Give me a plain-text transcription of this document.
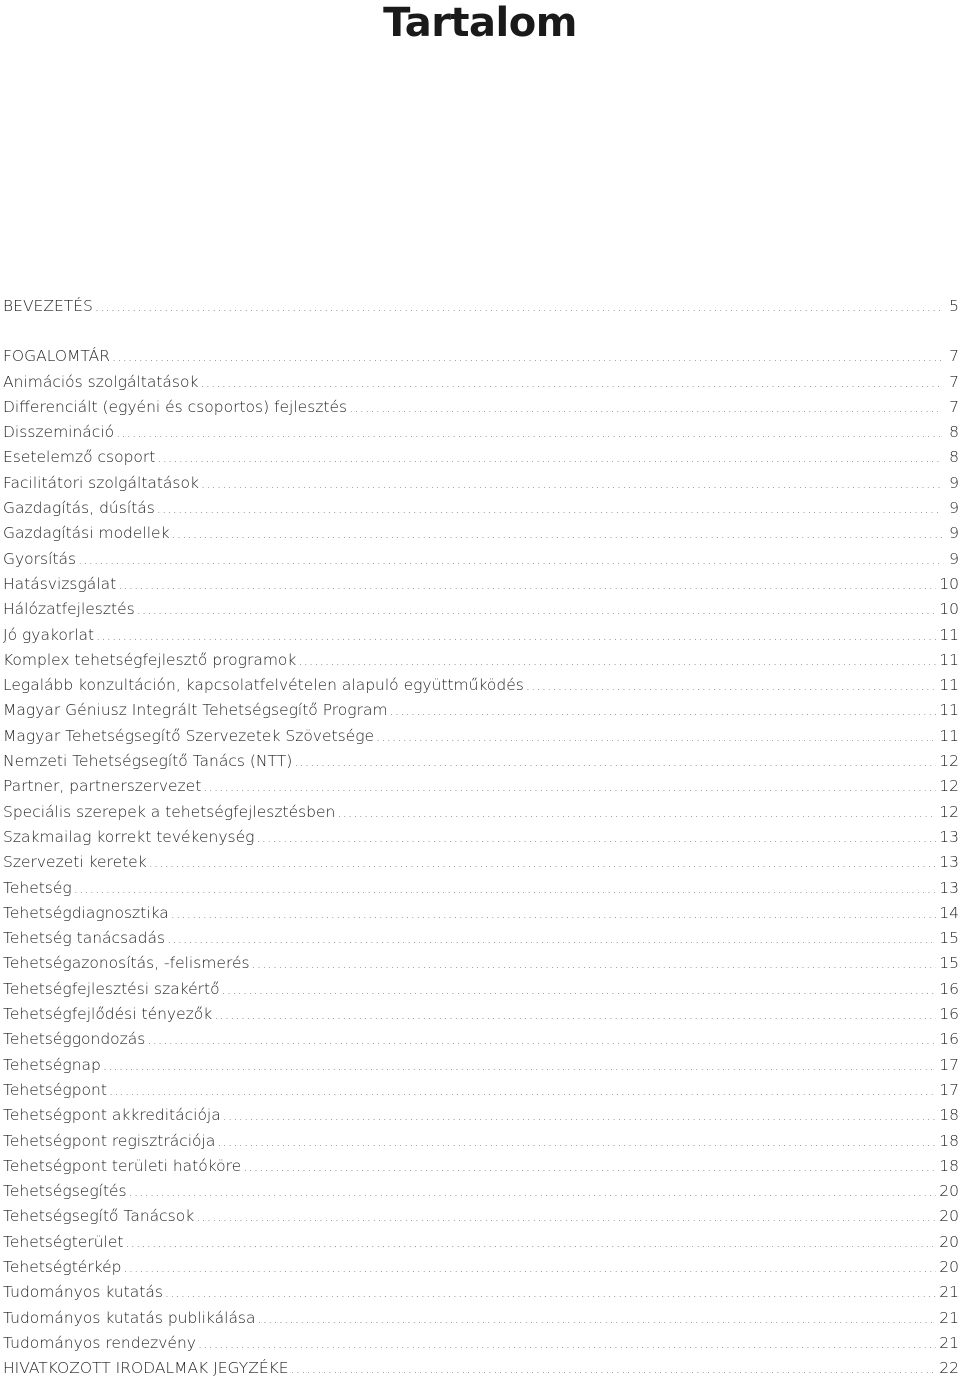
Tartalom
BEVEZETÉS .....	5
FOGALOMTÁR .....	7
Animációs szolgáltatások .....	7
Differenciált (egyéni és csoportos) fejlesztés .....	7
Disszemináció .....	8
Esetelemző csoport .....	8
Facilitátori szolgáltatások .....	9
Gazdagítás, dúsítás .....	9
Gazdagítási modellek .....	9
Gyorsítás .....	9
Hatásvizsgálat .....	10
Hálózatfejlesztés .....	10
Jó gyakorlat .....	11
Komplex tehetségfejlesztő programok .....	11
Legalább konzultáción, kapcsolatfelvételen alapuló együttműködés .....	11
Magyar Géniusz Integrált Tehetségsegítő Program .....	11
Magyar Tehetségsegítő Szervezetek Szövetsége .....	11
Nemzeti Tehetségsegítő Tanács (NTT) .....	12
Partner, partnerszervezet .....	12
Speciális szerepek a tehetségfejlesztésben .....	12
Szakmailag korrekt tevékenység .....	13
Szervezeti keretek .....	13
Tehetség .....	13
Tehetségdiagnosztika .....	14
Tehetség tanácsadás .....	15
Tehetségazonosítás, -felismerés .....	15
Tehetségfejlesztési szakértő .....	16
Tehetségfejlődési tényezők .....	16
Tehetséggondozás .....	16
Tehetségnap .....	17
Tehetségpont .....	17
Tehetségpont akkreditációja .....	18
Tehetségpont regisztrációja .....	18
Tehetségpont területi hatóköre .....	18
Tehetségsegítés .....	20
Tehetségsegítő Tanácsok .....	20
Tehetségterület .....	20
Tehetségtérkép .....	20
Tudományos kutatás .....	21
Tudományos kutatás publikálása .....	21
Tudományos rendezvény .....	21
HIVATKOZOTT IRODALMAK JEGYZÉKE .....	22
